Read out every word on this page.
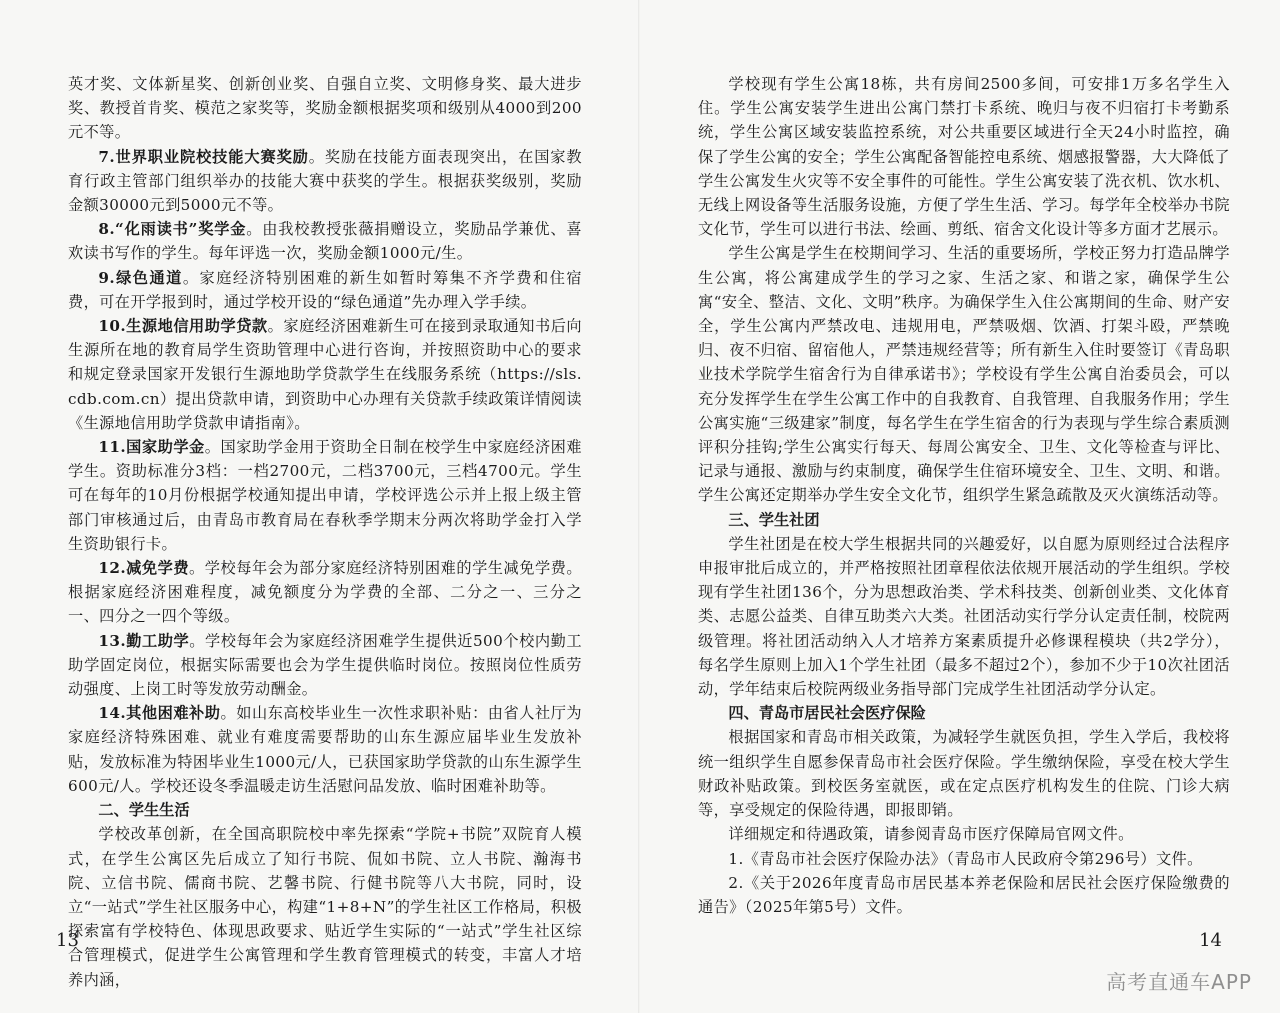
英才奖、文体新星奖、创新创业奖、自强自立奖、文明修身奖、最大进步奖、教授首肯奖、模范之家奖等，奖励金额根据奖项和级别从4000到200元不等。

7.世界职业院校技能大赛奖励。奖励在技能方面表现突出，在国家教育行政主管部门组织举办的技能大赛中获奖的学生。根据获奖级别，奖励金额30000元到5000元不等。

8.“化雨读书”奖学金。由我校教授张薇捐赠设立，奖励品学兼优、喜欢读书写作的学生。每年评选一次，奖励金额1000元/生。

9.绿色通道。家庭经济特别困难的新生如暂时筹集不齐学费和住宿费，可在开学报到时，通过学校开设的“绿色通道”先办理入学手续。

10.生源地信用助学贷款。家庭经济困难新生可在接到录取通知书后向生源所在地的教育局学生资助管理中心进行咨询，并按照资助中心的要求和规定登录国家开发银行生源地助学贷款学生在线服务系统（https://sls.cdb.com.cn）提出贷款申请，到资助中心办理有关贷款手续政策详情阅读《生源地信用助学贷款申请指南》。

11.国家助学金。国家助学金用于资助全日制在校学生中家庭经济困难学生。资助标准分3档：一档2700元，二档3700元，三档4700元。学生可在每年的10月份根据学校通知提出申请，学校评选公示并上报上级主管部门审核通过后，由青岛市教育局在春秋季学期末分两次将助学金打入学生资助银行卡。

12.减免学费。学校每年会为部分家庭经济特别困难的学生减免学费。根据家庭经济困难程度，减免额度分为学费的全部、二分之一、三分之一、四分之一四个等级。

13.勤工助学。学校每年会为家庭经济困难学生提供近500个校内勤工助学固定岗位，根据实际需要也会为学生提供临时岗位。按照岗位性质劳动强度、上岗工时等发放劳动酬金。

14.其他困难补助。如山东高校毕业生一次性求职补贴：由省人社厅为家庭经济特殊困难、就业有难度需要帮助的山东生源应届毕业生发放补贴，发放标准为特困毕业生1000元/人，已获国家助学贷款的山东生源学生600元/人。学校还设冬季温暖走访生活慰问品发放、临时困难补助等。

二、学生生活

学校改革创新，在全国高职院校中率先探索“学院+书院”双院育人模式，在学生公寓区先后成立了知行书院、侃如书院、立人书院、瀚海书院、立信书院、儒商书院、艺馨书院、行健书院等八大书院，同时，设立“一站式”学生社区服务中心，构建“1+8+N”的学生社区工作格局，积极探索富有学校特色、体现思政要求、贴近学生实际的“一站式”学生社区综合管理模式，促进学生公寓管理和学生教育管理模式的转变，丰富人才培养内涵，

13

学校现有学生公寓18栋，共有房间2500多间，可安排1万多名学生入住。学生公寓安装学生进出公寓门禁打卡系统、晚归与夜不归宿打卡考勤系统，学生公寓区域安装监控系统，对公共重要区域进行全天24小时监控，确保了学生公寓的安全；学生公寓配备智能控电系统、烟感报警器，大大降低了学生公寓发生火灾等不安全事件的可能性。学生公寓安装了洗衣机、饮水机、无线上网设备等生活服务设施，方便了学生生活、学习。每学年全校举办书院文化节，学生可以进行书法、绘画、剪纸、宿舍文化设计等多方面才艺展示。

学生公寓是学生在校期间学习、生活的重要场所，学校正努力打造品牌学生公寓，将公寓建成学生的学习之家、生活之家、和谐之家，确保学生公寓“安全、整洁、文化、文明”秩序。为确保学生入住公寓期间的生命、财产安全，学生公寓内严禁改电、违规用电，严禁吸烟、饮酒、打架斗殴，严禁晚归、夜不归宿、留宿他人，严禁违规经营等；所有新生入住时要签订《青岛职业技术学院学生宿舍行为自律承诺书》；学校设有学生公寓自治委员会，可以充分发挥学生在学生公寓工作中的自我教育、自我管理、自我服务作用；学生公寓实施“三级建家”制度，每名学生在学生宿舍的行为表现与学生综合素质测评积分挂钩;学生公寓实行每天、每周公寓安全、卫生、文化等检查与评比、记录与通报、激励与约束制度，确保学生住宿环境安全、卫生、文明、和谐。学生公寓还定期举办学生安全文化节，组织学生紧急疏散及灭火演练活动等。

三、学生社团

学生社团是在校大学生根据共同的兴趣爱好，以自愿为原则经过合法程序申报审批后成立的，并严格按照社团章程依法依规开展活动的学生组织。学校现有学生社团136个，分为思想政治类、学术科技类、创新创业类、文化体育类、志愿公益类、自律互助类六大类。社团活动实行学分认定责任制，校院两级管理。将社团活动纳入人才培养方案素质提升必修课程模块（共2学分），每名学生原则上加入1个学生社团（最多不超过2个），参加不少于10次社团活动，学年结束后校院两级业务指导部门完成学生社团活动学分认定。

四、青岛市居民社会医疗保险

根据国家和青岛市相关政策，为减轻学生就医负担，学生入学后，我校将统一组织学生自愿参保青岛市社会医疗保险。学生缴纳保险，享受在校大学生财政补贴政策。到校医务室就医，或在定点医疗机构发生的住院、门诊大病等，享受规定的保险待遇，即报即销。

详细规定和待遇政策，请参阅青岛市医疗保障局官网文件。

1.《青岛市社会医疗保险办法》（青岛市人民政府令第296号）文件。

2.《关于2026年度青岛市居民基本养老保险和居民社会医疗保险缴费的通告》（2025年第5号）文件。

14
高考直通车APP
